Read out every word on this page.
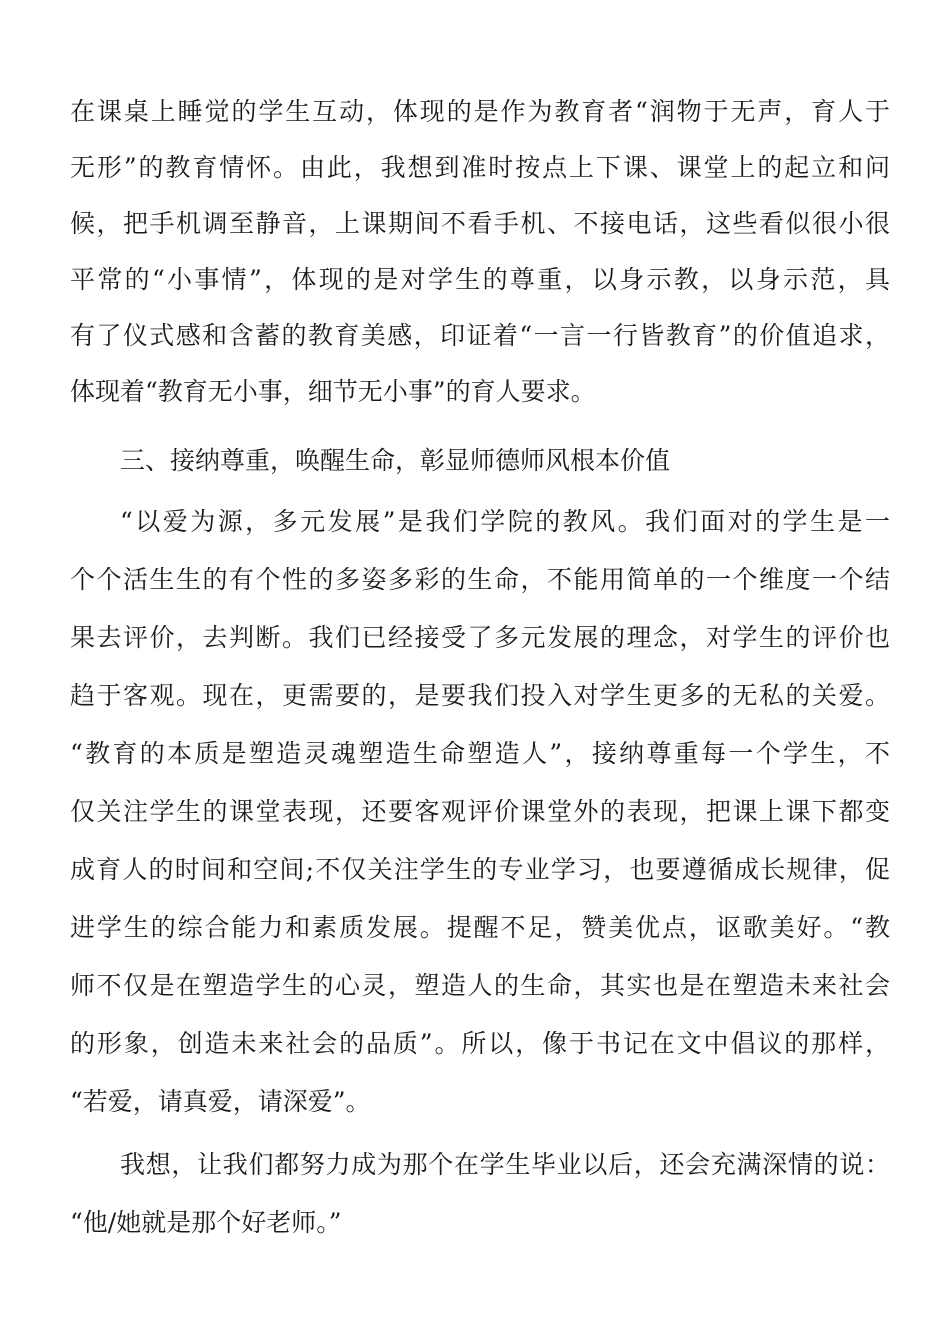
在课桌上睡觉的学生互动，体现的是作为教育者“润物于无声，育人于
无形”的教育情怀。由此，我想到准时按点上下课、课堂上的起立和问
候，把手机调至静音，上课期间不看手机、不接电话，这些看似很小很
平常的“小事情”，体现的是对学生的尊重，以身示教，以身示范，具
有了仪式感和含蓄的教育美感，印证着“一言一行皆教育”的价值追求，
体现着“教育无小事，细节无小事”的育人要求。
三、接纳尊重，唤醒生命，彰显师德师风根本价值
“以爱为源，多元发展”是我们学院的教风。我们面对的学生是一
个个活生生的有个性的多姿多彩的生命，不能用简单的一个维度一个结
果去评价，去判断。我们已经接受了多元发展的理念，对学生的评价也
趋于客观。现在，更需要的，是要我们投入对学生更多的无私的关爱。
“教育的本质是塑造灵魂塑造生命塑造人”，接纳尊重每一个学生，不
仅关注学生的课堂表现，还要客观评价课堂外的表现，把课上课下都变
成育人的时间和空间;不仅关注学生的专业学习，也要遵循成长规律，促
进学生的综合能力和素质发展。提醒不足，赞美优点，讴歌美好。“教
师不仅是在塑造学生的心灵，塑造人的生命，其实也是在塑造未来社会
的形象，创造未来社会的品质”。所以，像于书记在文中倡议的那样，
“若爱，请真爱，请深爱”。
我想，让我们都努力成为那个在学生毕业以后，还会充满深情的说：
“他/她就是那个好老师。”
